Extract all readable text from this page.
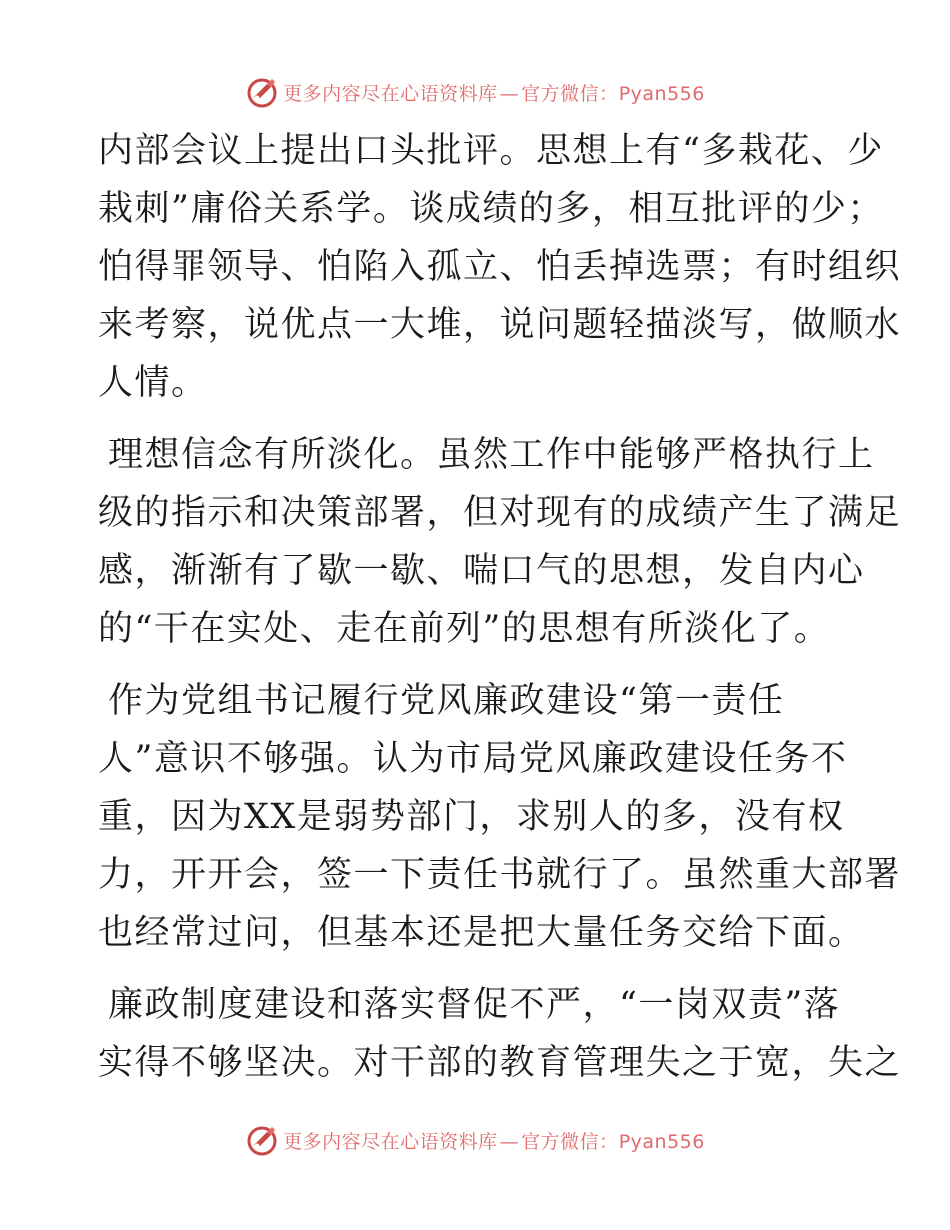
更多内容尽在心语资料库 — 官方微信：Pyan556
内部会议上提出口头批评。思想上有“多栽花、少
栽刺”庸俗关系学。谈成绩的多，相互批评的少；
怕得罪领导、怕陷入孤立、怕丢掉选票；有时组织
来考察，说优点一大堆，说问题轻描淡写，做顺水
人情。
理想信念有所淡化。虽然工作中能够严格执行上
级的指示和决策部署，但对现有的成绩产生了满足
感，渐渐有了歇一歇、喘口气的思想，发自内心
的“干在实处、走在前列”的思想有所淡化了。
作为党组书记履行党风廉政建设“第一责任
人”意识不够强。认为市局党风廉政建设任务不
重，因为XX是弱势部门，求别人的多，没有权
力，开开会，签一下责任书就行了。虽然重大部署
也经常过问，但基本还是把大量任务交给下面。
廉政制度建设和落实督促不严，“一岗双责”落
实得不够坚决。对干部的教育管理失之于宽，失之
更多内容尽在心语资料库 — 官方微信：Pyan556
